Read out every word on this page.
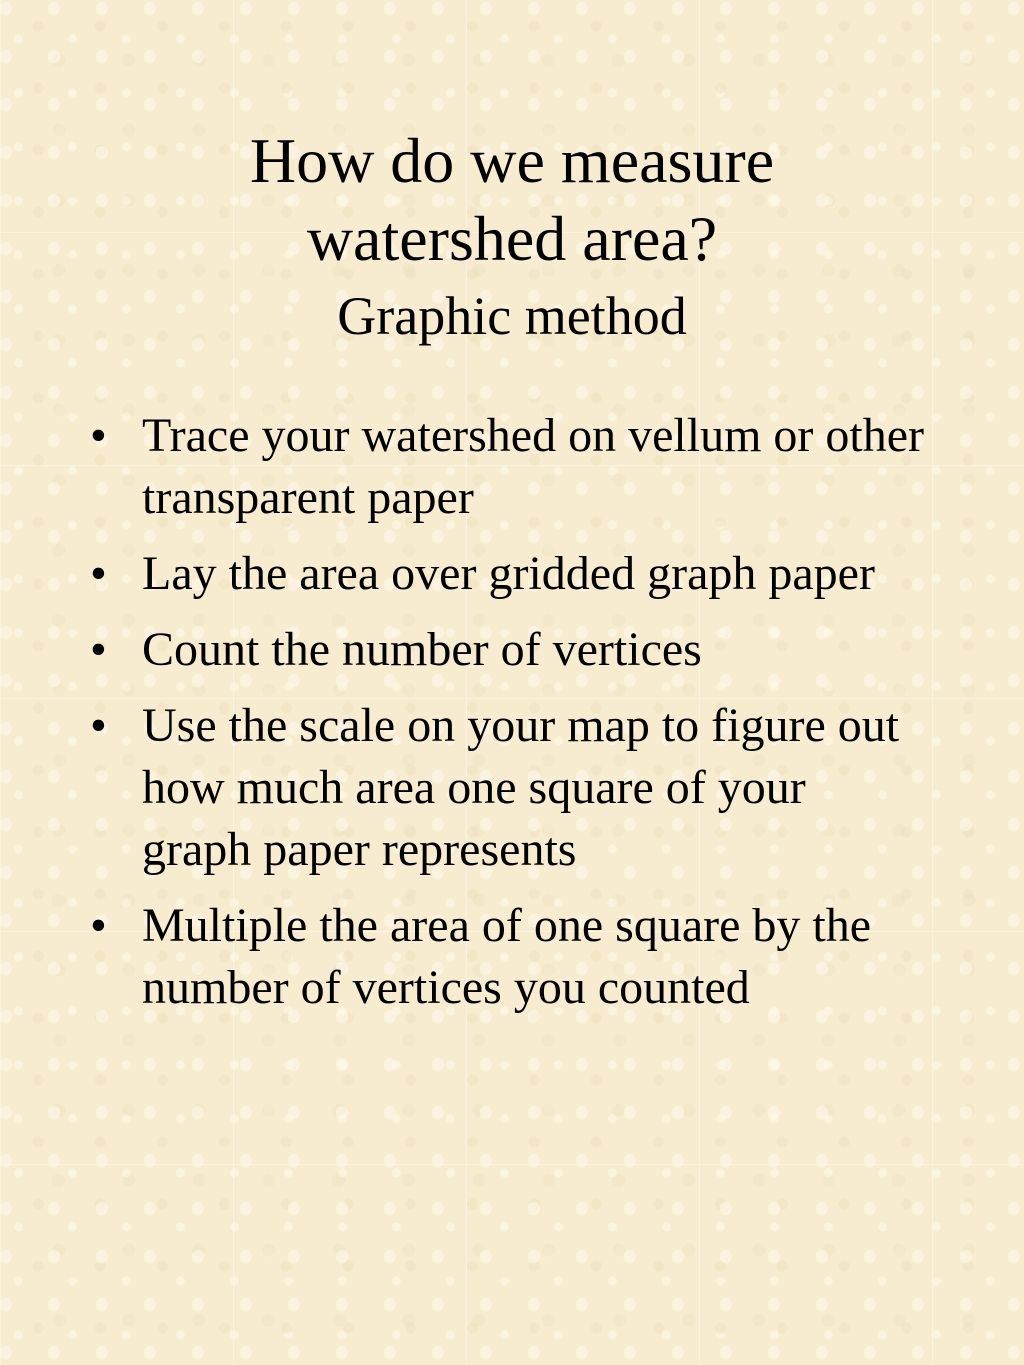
How do we measure
watershed area?
Graphic method
• Trace your watershed on vellum or other transparent paper
• Lay the area over gridded graph paper
• Count the number of vertices
• Use the scale on your map to figure out how much area one square of your graph paper represents
• Multiple the area of one square by the number of vertices you counted
